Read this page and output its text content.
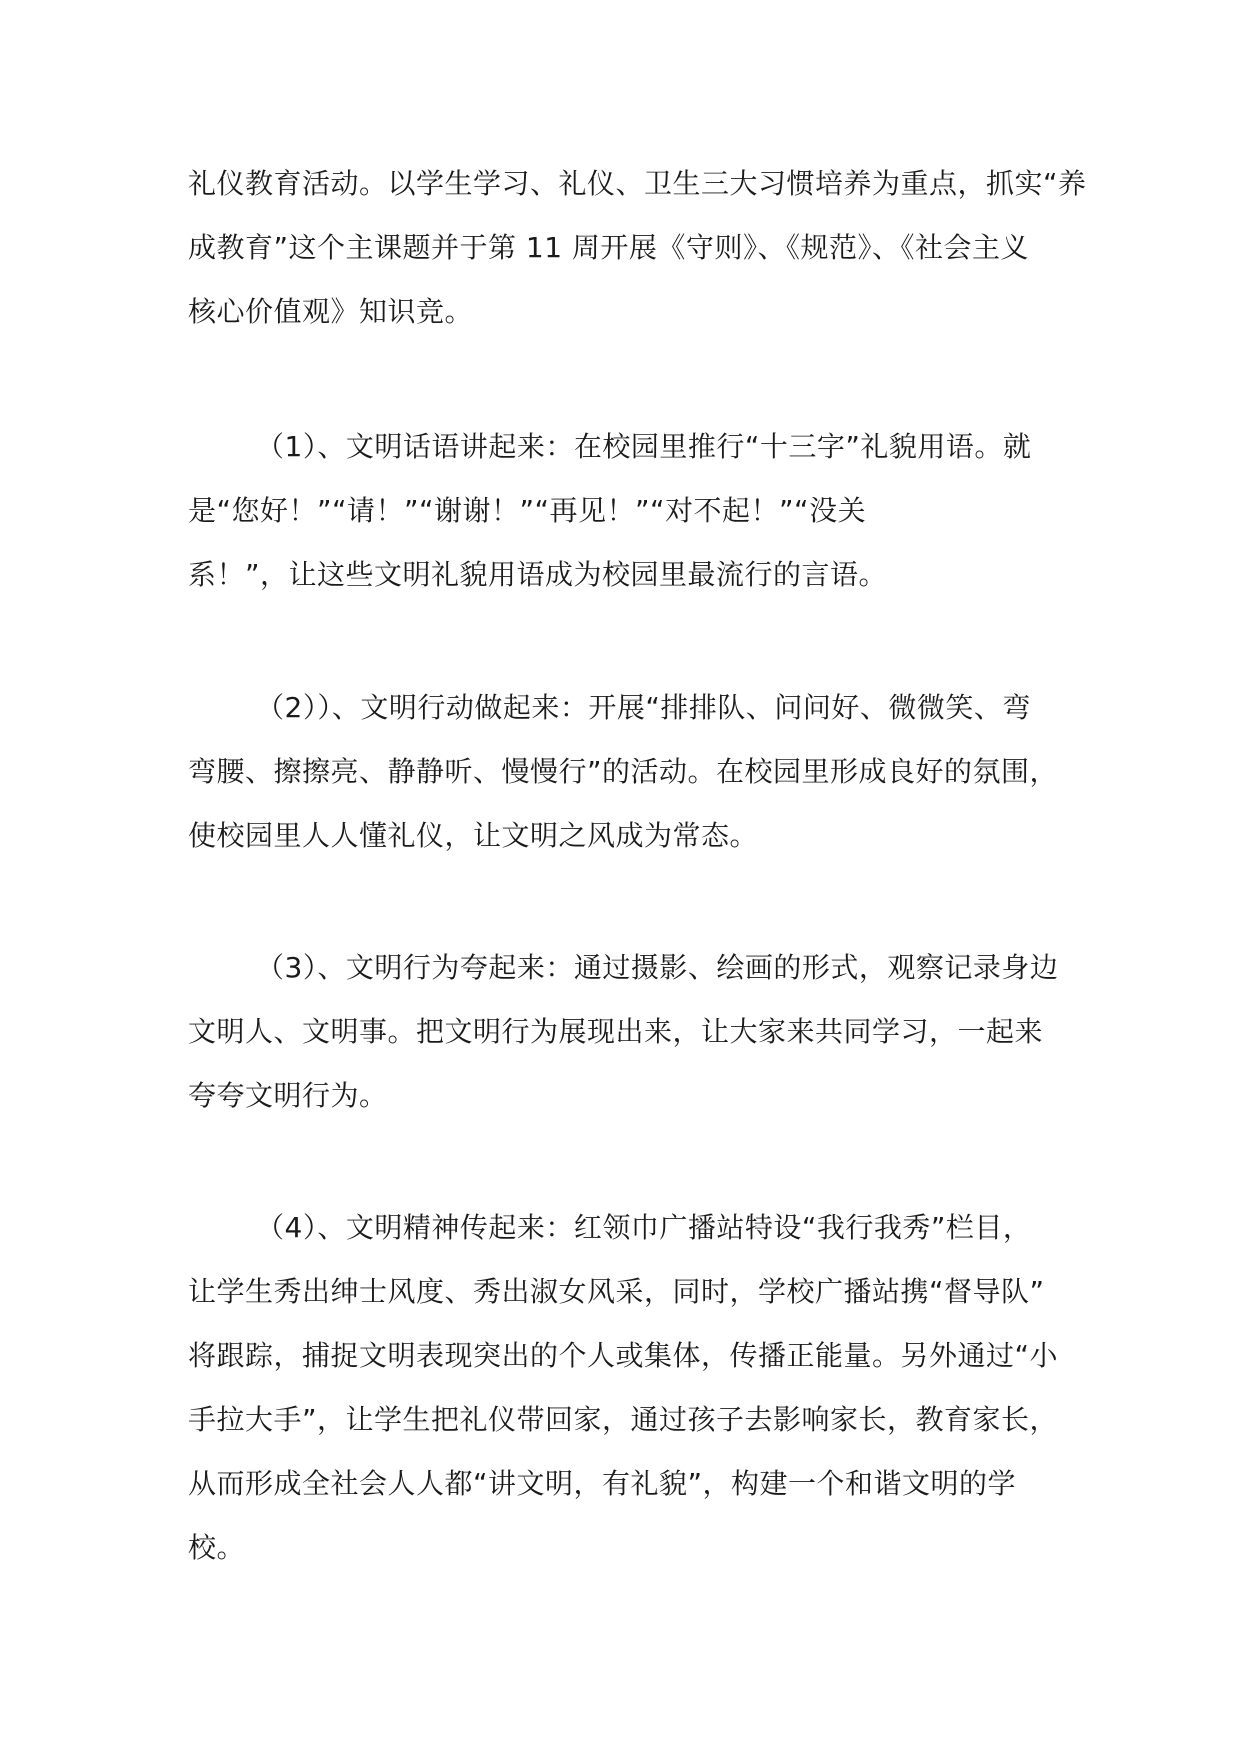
礼仪教育活动。以学生学习、礼仪、卫生三大习惯培养为重点，抓实“养
成教育”这个主课题并于第 11 周开展《守则》、《规范》、《社会主义
核心价值观》知识竞。
（1）、文明话语讲起来：在校园里推行“十三字”礼貌用语。就
是“您好！”“请！”“谢谢！”“再见！”“对不起！”“没关
系！”，让这些文明礼貌用语成为校园里最流行的言语。
（2））、文明行动做起来：开展“排排队、问问好、微微笑、弯
弯腰、擦擦亮、静静听、慢慢行”的活动。在校园里形成良好的氛围，
使校园里人人懂礼仪，让文明之风成为常态。
（3）、文明行为夸起来：通过摄影、绘画的形式，观察记录身边
文明人、文明事。把文明行为展现出来，让大家来共同学习，一起来
夸夸文明行为。
（4）、文明精神传起来：红领巾广播站特设“我行我秀”栏目，
让学生秀出绅士风度、秀出淑女风采，同时，学校广播站携“督导队”
将跟踪，捕捉文明表现突出的个人或集体，传播正能量。另外通过“小
手拉大手”，让学生把礼仪带回家，通过孩子去影响家长，教育家长，
从而形成全社会人人都“讲文明，有礼貌”，构建一个和谐文明的学
校。
